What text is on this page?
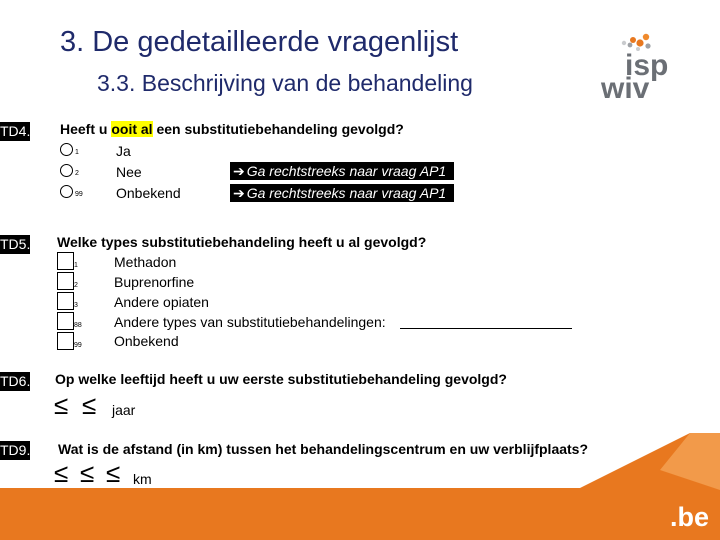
3. De gedetailleerde vragenlijst
3.3. Beschrijving van de behandeling
isp
wiv
TD4. Heeft u ooit al een substitutiebehandeling gevolgd?
1	Ja
2	Nee	➔ Ga rechtstreeks naar vraag AP1
99 Onbekend	➔ Ga rechtstreeks naar vraag AP1
TD5. Welke types substitutiebehandeling heeft u al gevolgd?
1	Methadon
2	Buprenorfine
3	Andere opiaten
88 Andere types van substitutiebehandelingen:
99 Onbekend
TD6. Op welke leeftijd heeft u uw eerste substitutiebehandeling gevolgd?
≤ ≤ jaar
TD9. Wat is de afstand (in km) tussen het behandelingscentrum en uw verblijfplaats?
≤ ≤ ≤ km
.be
